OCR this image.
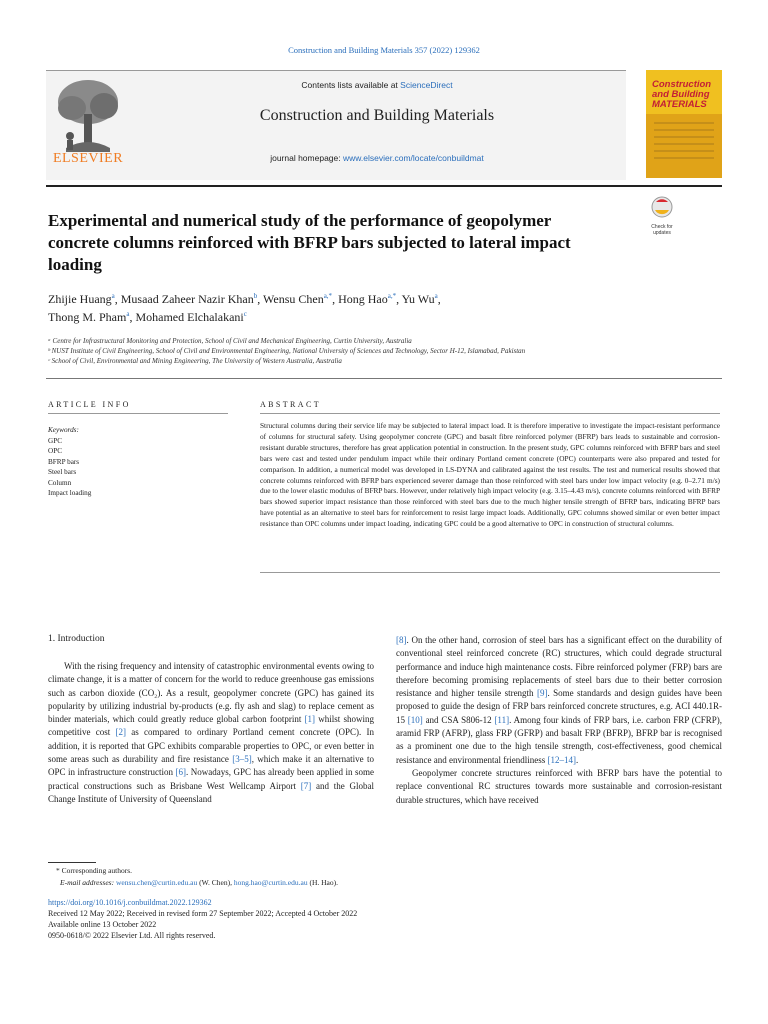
Construction and Building Materials 357 (2022) 129362
ELSEVIER
Contents lists available at ScienceDirect
Construction and Building Materials
journal homepage: www.elsevier.com/locate/conbuildmat
Construction and Building MATERIALS
Check for updates
Experimental and numerical study of the performance of geopolymer concrete columns reinforced with BFRP bars subjected to lateral impact loading
Zhijie Huang$^a$, Musaad Zaheer Nazir Khan$^b$, Wensu Chen$^{a,*}$, Hong Hao$^{a,*}$, Yu Wu$^a$,
Thong M. Pham$^a$, Mohamed Elchalakani$^c$
ᵃ Centre for Infrastructural Monitoring and Protection, School of Civil and Mechanical Engineering, Curtin University, Australia
ᵇ NUST Institute of Civil Engineering, School of Civil and Environmental Engineering, National University of Sciences and Technology, Sector H-12, Islamabad, Pakistan
ᶜ School of Civil, Environmental and Mining Engineering, The University of Western Australia, Australia
ARTICLE INFO
Keywords:
GPC
OPC
BFRP bars
Steel bars
Column
Impact loading
ABSTRACT
Structural columns during their service life may be subjected to lateral impact load. It is therefore imperative to investigate the impact-resistant performance of columns for structural safety. Using geopolymer concrete (GPC) and basalt fibre reinforced polymer (BFRP) bars leads to sustainable and corrosion-resistant durable structures, therefore has great application potential in construction. In the present study, GPC columns reinforced with BFRP bars and steel bars were cast and tested under pendulum impact while their ordinary Portland cement concrete (OPC) counterparts were also prepared and tested for comparison. In addition, a numerical model was developed in LS-DYNA and calibrated against the test results. The test and numerical results showed that concrete columns reinforced with BFRP bars experienced severer damage than those reinforced with steel bars under low impact velocity (e.g. 0–2.71 m/s) due to the lower elastic modulus of BFRP bars. However, under relatively high impact velocity (e.g. 3.15–4.43 m/s), concrete columns reinforced with BFRP bars showed superior impact resistance than those reinforced with steel bars due to the much higher tensile strength of BFRP bars, indicating BFRP bars have potential as an alternative to steel bars for reinforcement to resist large impact loads. Additionally, GPC columns showed similar or even better impact resistance than OPC columns under impact loading, indicating GPC could be a good alternative to OPC in construction of structural columns.
1. Introduction
With the rising frequency and intensity of catastrophic environmental events owing to climate change, it is a matter of concern for the world to reduce greenhouse gas emissions such as carbon dioxide (CO₂). As a result, geopolymer concrete (GPC) has gained its popularity by utilizing industrial by-products (e.g. fly ash and slag) to replace cement as binder materials, which could greatly reduce global carbon footprint [1] whilst showing competitive cost [2] as compared to ordinary Portland cement concrete (OPC). In addition, it is reported that GPC exhibits comparable properties to OPC, or even better in some areas such as durability and fire resistance [3–5], which make it an alternative to OPC in infrastructure construction [6]. Nowadays, GPC has already been applied in some practical constructions such as Brisbane West Wellcamp Airport [7] and the Global Change Institute of University of Queensland
[8]. On the other hand, corrosion of steel bars has a significant effect on the durability of conventional steel reinforced concrete (RC) structures, which could degrade structural performance and induce high maintenance costs. Fibre reinforced polymer (FRP) bars are therefore becoming promising replacements of steel bars due to their better corrosion resistance and higher tensile strength [9]. Some standards and design guides have been proposed to guide the design of FRP bars reinforced concrete structures, e.g. ACI 440.1R-15 [10] and CSA S806-12 [11]. Among four kinds of FRP bars, i.e. carbon FRP (CFRP), aramid FRP (AFRP), glass FRP (GFRP) and basalt FRP (BFRP), BFRP bar is recognised as a prominent one due to the high tensile strength, cost-effectiveness, good chemical resistance and environmental friendliness [12–14].
Geopolymer concrete structures reinforced with BFRP bars have the potential to replace conventional RC structures towards more sustainable and corrosion-resistant durable structures, which have received
* Corresponding authors.
E-mail addresses: wensu.chen@curtin.edu.au (W. Chen), hong.hao@curtin.edu.au (H. Hao).
https://doi.org/10.1016/j.conbuildmat.2022.129362
Received 12 May 2022; Received in revised form 27 September 2022; Accepted 4 October 2022
Available online 13 October 2022
0950-0618/© 2022 Elsevier Ltd. All rights reserved.
